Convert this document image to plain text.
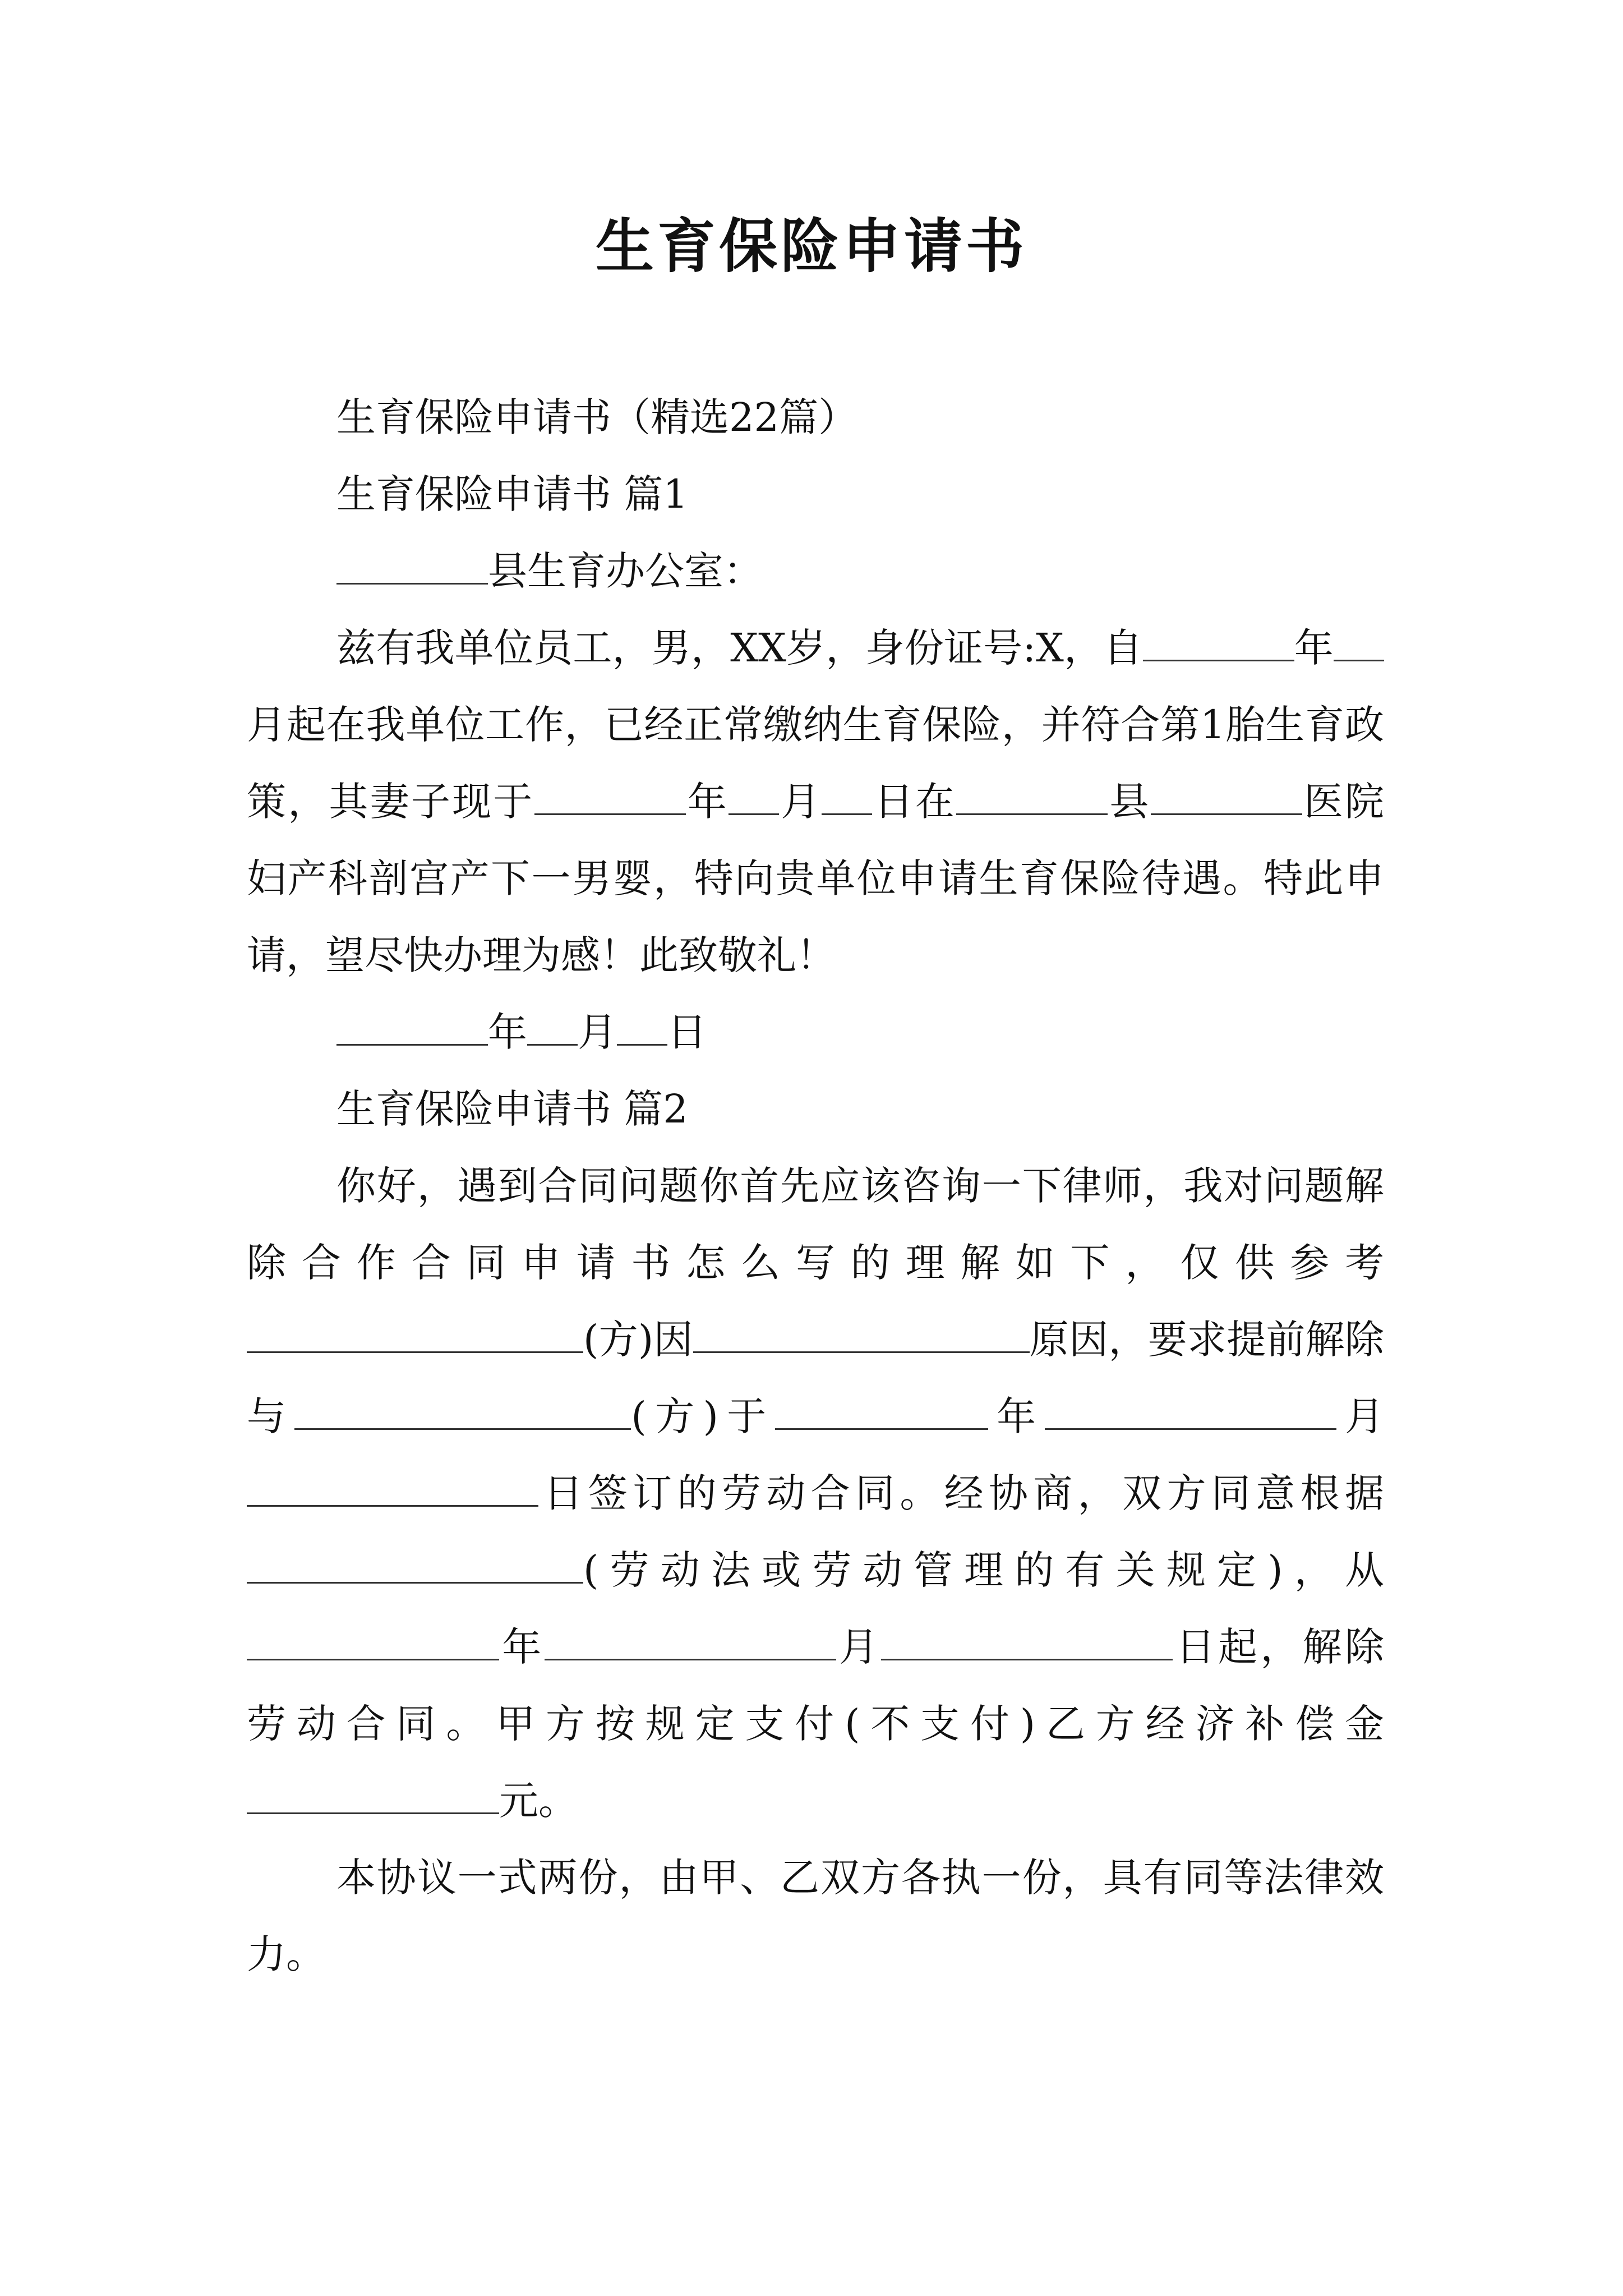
生育保险申请书

生育保险申请书（精选22篇）

生育保险申请书 篇1

县生育办公室：

兹有我单位员工，男，XX岁，身份证号:X，自	年月起在我单位工作，已经正常缴纳生育保险，并符合第1胎生育政策，其妻子现于	年 月 日在	县	医院妇产科剖宫产下一男婴，特向贵单位申请生育保险待遇。特此申请，望尽快办理为感！此致敬礼！

年 月 日

生育保险申请书 篇2

你好，遇到合同问题你首先应该咨询一下律师，我对问题解除合作合同申请书怎么写的理解如下，仅供参考(方)因	原因，要求提前解除与	(方)于	年	月日签订的劳动合同。经协商，双方同意根据(劳动法或劳动管理的有关规定)，从年	月	日起，解除劳动合同。甲方按规定支付(不支付)乙方经济补偿金元。

本协议一式两份，由甲、乙双方各执一份，具有同等法律效力。
